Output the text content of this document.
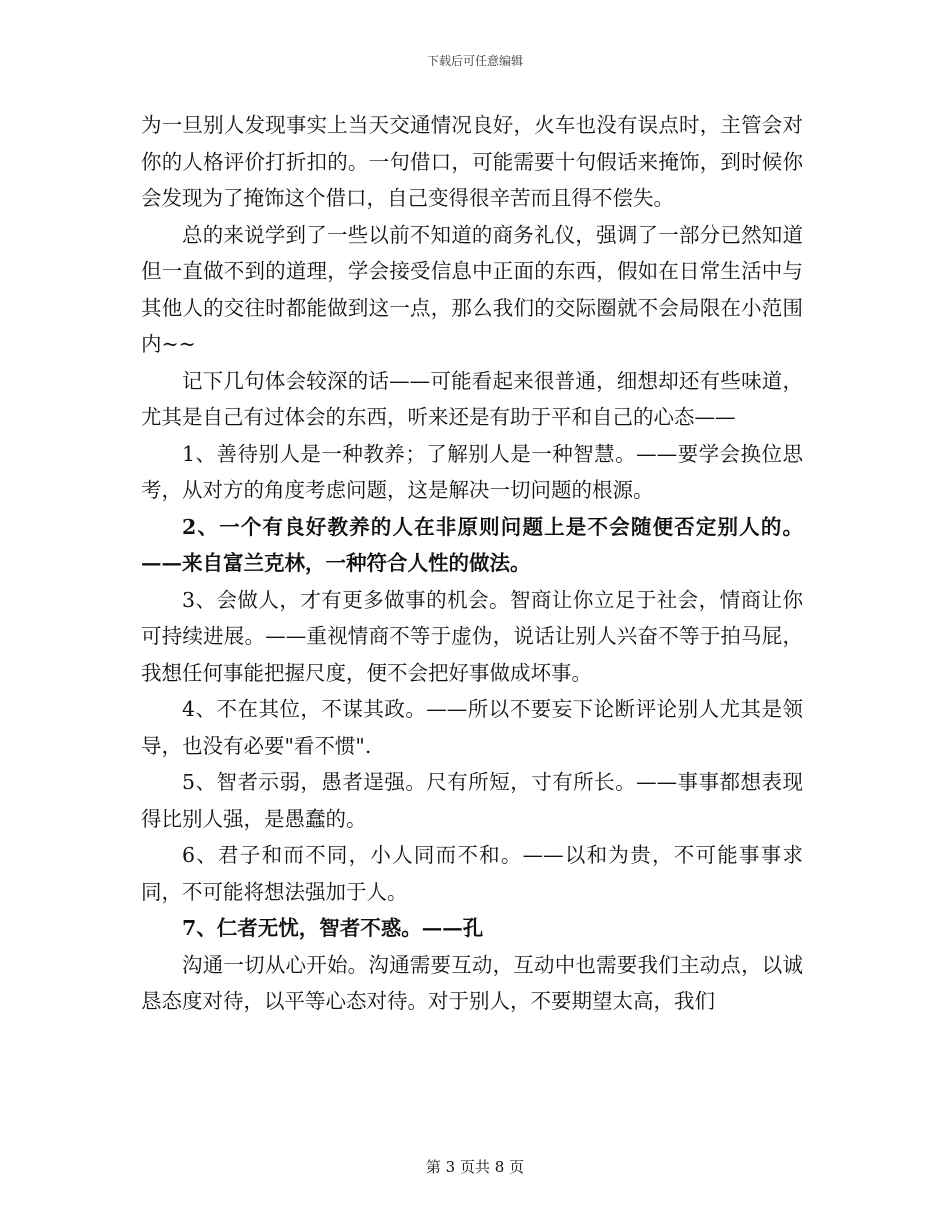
下载后可任意编辑

为一旦别人发现事实上当天交通情况良好，火车也没有误点时，主管会对你的人格评价打折扣的。一句借口，可能需要十句假话来掩饰，到时候你会发现为了掩饰这个借口，自己变得很辛苦而且得不偿失。

总的来说学到了一些以前不知道的商务礼仪，强调了一部分已然知道但一直做不到的道理，学会接受信息中正面的东西，假如在日常生活中与其他人的交往时都能做到这一点，那么我们的交际圈就不会局限在小范围内~~

记下几句体会较深的话——可能看起来很普通，细想却还有些味道，尤其是自己有过体会的东西，听来还是有助于平和自己的心态——

1、善待别人是一种教养；了解别人是一种智慧。——要学会换位思考，从对方的角度考虑问题，这是解决一切问题的根源。

2、一个有良好教养的人在非原则问题上是不会随便否定别人的。——来自富兰克林，一种符合人性的做法。

3、会做人，才有更多做事的机会。智商让你立足于社会，情商让你可持续进展。——重视情商不等于虚伪，说话让别人兴奋不等于拍马屁，我想任何事能把握尺度，便不会把好事做成坏事。

4、不在其位，不谋其政。——所以不要妄下论断评论别人尤其是领导，也没有必要"看不惯".

5、智者示弱，愚者逞强。尺有所短，寸有所长。——事事都想表现得比别人强，是愚蠢的。

6、君子和而不同，小人同而不和。——以和为贵，不可能事事求同，不可能将想法强加于人。

7、仁者无忧，智者不惑。——孔

沟通一切从心开始。沟通需要互动，互动中也需要我们主动点，以诚恳态度对待，以平等心态对待。对于别人，不要期望太高，我们

第 3 页共 8 页
